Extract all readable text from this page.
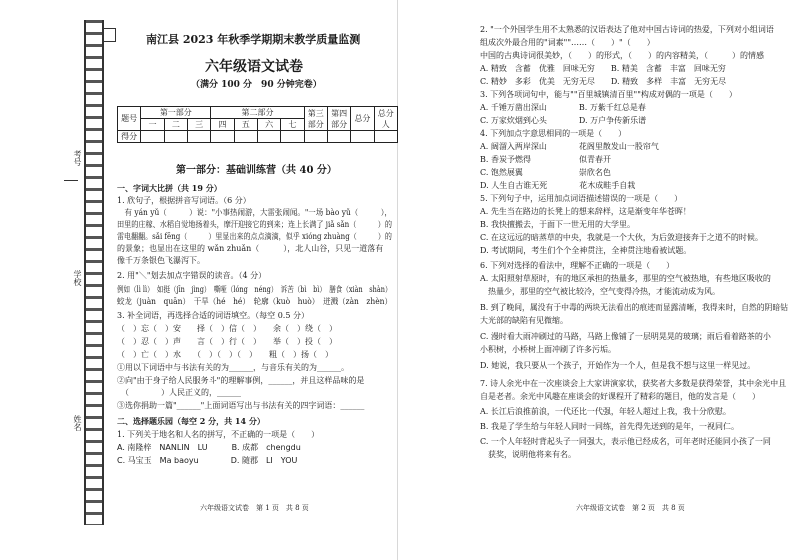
考号
学校
姓名
南江县 2023 年秋季学期期末教学质量监测
六年级语文试卷
（满分 100 分　90 分钟完卷）
题号	第一部分			第二部分				第三部分	第四部分	总分	总分人
	一	二	三	四	五	六	七				
得分											
第一部分：基础训练营（共 40 分）
一、字词大比拼（共 19 分）
1. 欣句子，根据拼音写词语。（6 分）
　有 yán yǔ（　　　）说："小事热闹游，大雷张闹闻。"一场 bào yǔ（　　　），
田里的庄稼、水稻自觉地扬着头，摩汗迎接它的到来；连上长满了 jiǎ sǎn（　　　）的
雷电翻翻。sǎi fēng（　　　）里显出来的点点滴滴，似乎 xióng zhuàng（　　　）的
的景象；也显出在这里的 wǎn zhuǎn（　　　），北人山谷，只见一道落有
像千万条银色飞瀑泻下。
2. 用"＼"划去加点字错误的读音。（4 分）
例如（lì lì）　如挺（jīn　jìng）　嘶哑（lóng　néng）　诉苦（bì　bì）　膳食（xiàn　shàn）
蛟龙（juàn　quān）　干旱（hé　hé）　轮廓（kuò　huò）　迸溅（zàn　zhèn）
3. 补全词语，再选择合适的词语填空。（每空 0.5 分）
（　）忘（　）安　　择（　）信（　）　　余（　）绕（　）
（　）忍（　）声　　言（　）行（　）　　举（　）投（　）
（　）亡（　）水　　（　）（　）（　）　　粗（　）扬（　）
①用以下词语中与书法有关的为______，与音乐有关的为______。
②向"由于身子给人民服务斗"的理解事例，______，并且这样品味的是
　（　　　　）人民正义的，______
③选你捐助一篇"______"上面词语写出与书法有关的四字词语：______
二、选择题乐园（每空 2 分，共 14 分）
1. 下列关于地名和人名的拼写，不正确的一项是（　　）
A. 南隆梓　NANLIN　LU　　　B. 成都　chengdu
C. 马宝玉　Ma baoyu　　　　D. 随郡　LI　YOU
六年级语文试卷　第 1 页　共 8 页
2. "一个外国学生用不太熟悉的汉语表达了他对中国古诗词的热爱，下列对小组词语
组成次外最合用的"词素""……（　　）"（　　）
中国的古典诗词很美妙，（　　）的形式，（　　）的内容精美，（　　　）的情感
A. 精致　含蓄　优雅　回味无穷　　B. 精美　含蓄　丰富　回味无穷
C. 精妙　多彩　优美　无穷无尽　　D. 精致　多样　丰富　无穷无尽
3. 下列各项词句中，能与""百里城镇清百里""构成对偶的一项是（　　）
A. 千锤万凿出深山　　　　B. 万紫千红总是春
C. 万家炊烟到心头　　　　D. 万户争传新乐谱
4. 下列加点字意思相同的一项是（　　）
A. 阔溜入两岸深山　　　　花阁里散发山一股帘气
B. 香炭予燃得　　　　　　似青春开
C. 饱然展翼　　　　　　　崇欣名色
D. 人生自古谁无死　　　　花木成畦手自栽
5. 下列句子中，运用加点词语描述错误的一项是（　　）
A. 先生当在路边的长凳上的想来辞样，这是渐变年华苍晖！
B. 我快擅搬去，于面下一世无用的大学里。
C. 在这远远的暗蒸草的中央，我就是一个大伙，为后敛迎接奔于之道不的时候。
D. 考试期间，考生们个个全神贯注，全神贯注地看被试题。
6. 下列对选择的看法中，理解不正确的一项是（　　）
A. 太阳照射草原时，有的地区承担的热量多，那里的空气被热地，有些地区吸收的
　热量少，那里的空气被比较冷，空气变得冷热，才能流动成为风。
B. 到了晚间，属没有于中毒的两块无法看出的痕迹而显露清晰，我得来时，自然的阴暗钻
大光部的缺陷有见微缩。
C. 漫时看大雨冲刷过的马路，马路上像铺了一层明晃晃的玻璃；雨后看着路茶的小
小积树，小桥树上面冲刷了许多污垢。
D. 她说，我只要从一个孩子，开始作为一个人，但是我不想与这里一样见过。
7. 诗人余光中在一次座谈会上大家讲演家状，获奖者大多数是获得荣誉，其中余光中且
自是老者。余光中风趣在座谈会的好课程开了精彩的题目，他的发言是（　　）
A. 长江后浪推前浪，一代还比一代强，年轻人超过上我，我十分欣慰。
B. 我是了学生给与年轻人同时一同练，首先得先送到的是年，一视同仁。
C. 一个人年轻时背起头子一同强大，表示他已经成名，可年老时还能同小孩了一同
　获奖，说明他将来有名。
六年级语文试卷　第 2 页　共 8 页
